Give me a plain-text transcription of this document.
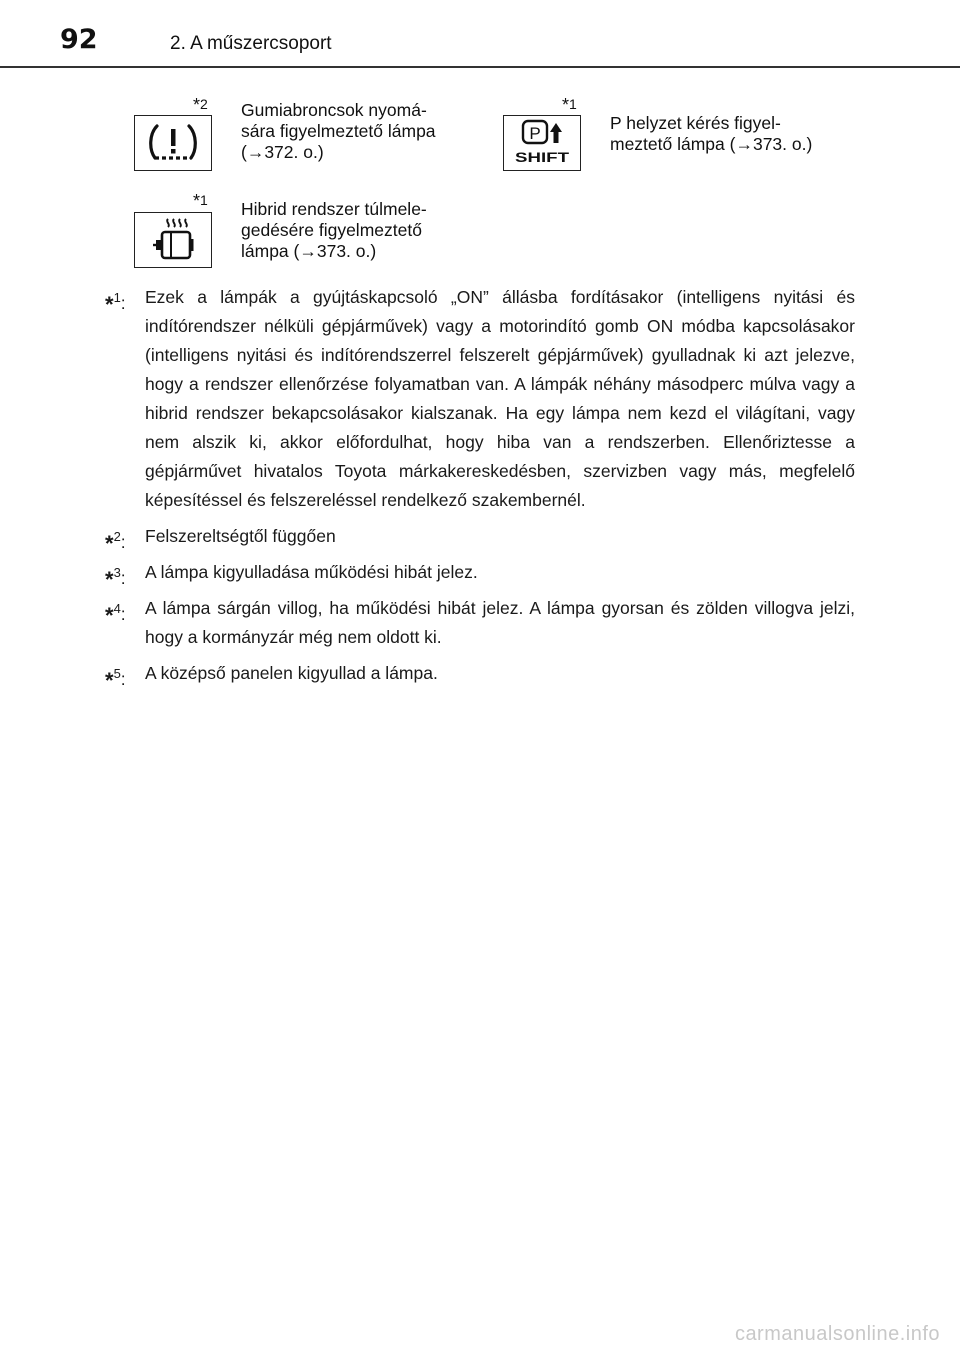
92	2. A műszercsoport
*2 Gumiabroncsok nyomá-
sára figyelmeztető lámpa
(→372. o.)
*1
P
SHIFT
P helyzet kérés figyel-
meztető lámpa (→373. o.)
*1 Hibrid rendszer túlmele-
gedésére figyelmeztető
lámpa (→373. o.)
*$^1$: Ezek a lámpák a gyújtáskapcsoló „ON” állásba fordításakor (intelligens nyitási és indítórendszer nélküli gépjárművek) vagy a motorindító gomb ON módba kapcsolásakor (intelligens nyitási és indítórendszerrel felszerelt gépjárművek) gyulladnak ki azt jelezve, hogy a rendszer ellenőrzése folyamatban van. A lámpák néhány másodperc múlva vagy a hibrid rendszer bekapcsolásakor kialszanak. Ha egy lámpa nem kezd el világítani, vagy nem alszik ki, akkor előfordulhat, hogy hiba van a rendszerben. Ellenőriztesse a gépjárművet hivatalos Toyota márkakereskedésben, szervizben vagy más, megfelelő képesítéssel és felszereléssel rendelkező szakembernél.
*$^2$: Felszereltségtől függően
*$^3$: A lámpa kigyulladása működési hibát jelez.
*$^4$: A lámpa sárgán villog, ha működési hibát jelez. A lámpa gyorsan és zölden villogva jelzi, hogy a kormányzár még nem oldott ki.
*$^5$: A középső panelen kigyullad a lámpa.
carmanualsonline.info
